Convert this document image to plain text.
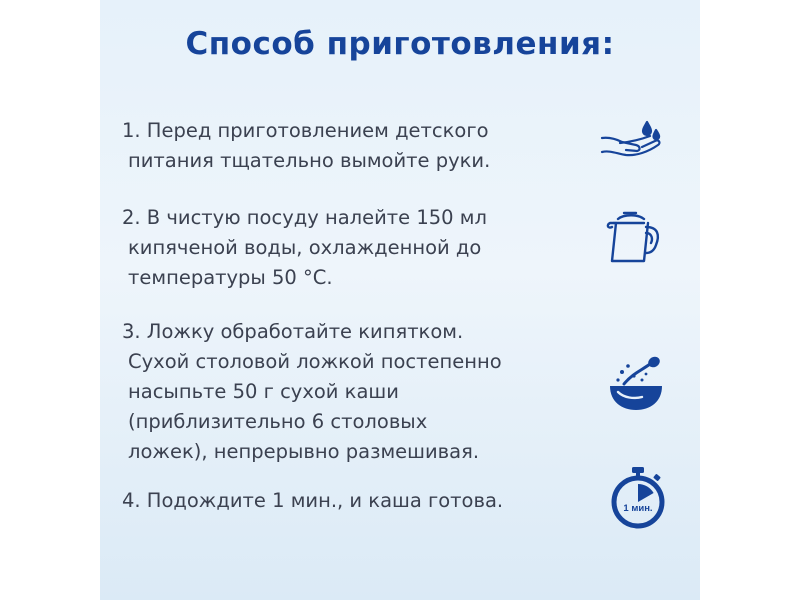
Способ приготовления:
1. Перед приготовлением детского
питания тщательно вымойте руки.
2. В чистую посуду налейте 150 мл
кипяченой воды, охлажденной до
температуры 50 °С.
3. Ложку обработайте кипятком.
Сухой столовой ложкой постепенно
насыпьте 50 г сухой каши
(приблизительно 6 столовых
ложек), непрерывно размешивая.
4. Подождите 1 мин., и каша готова.	1 мин.
